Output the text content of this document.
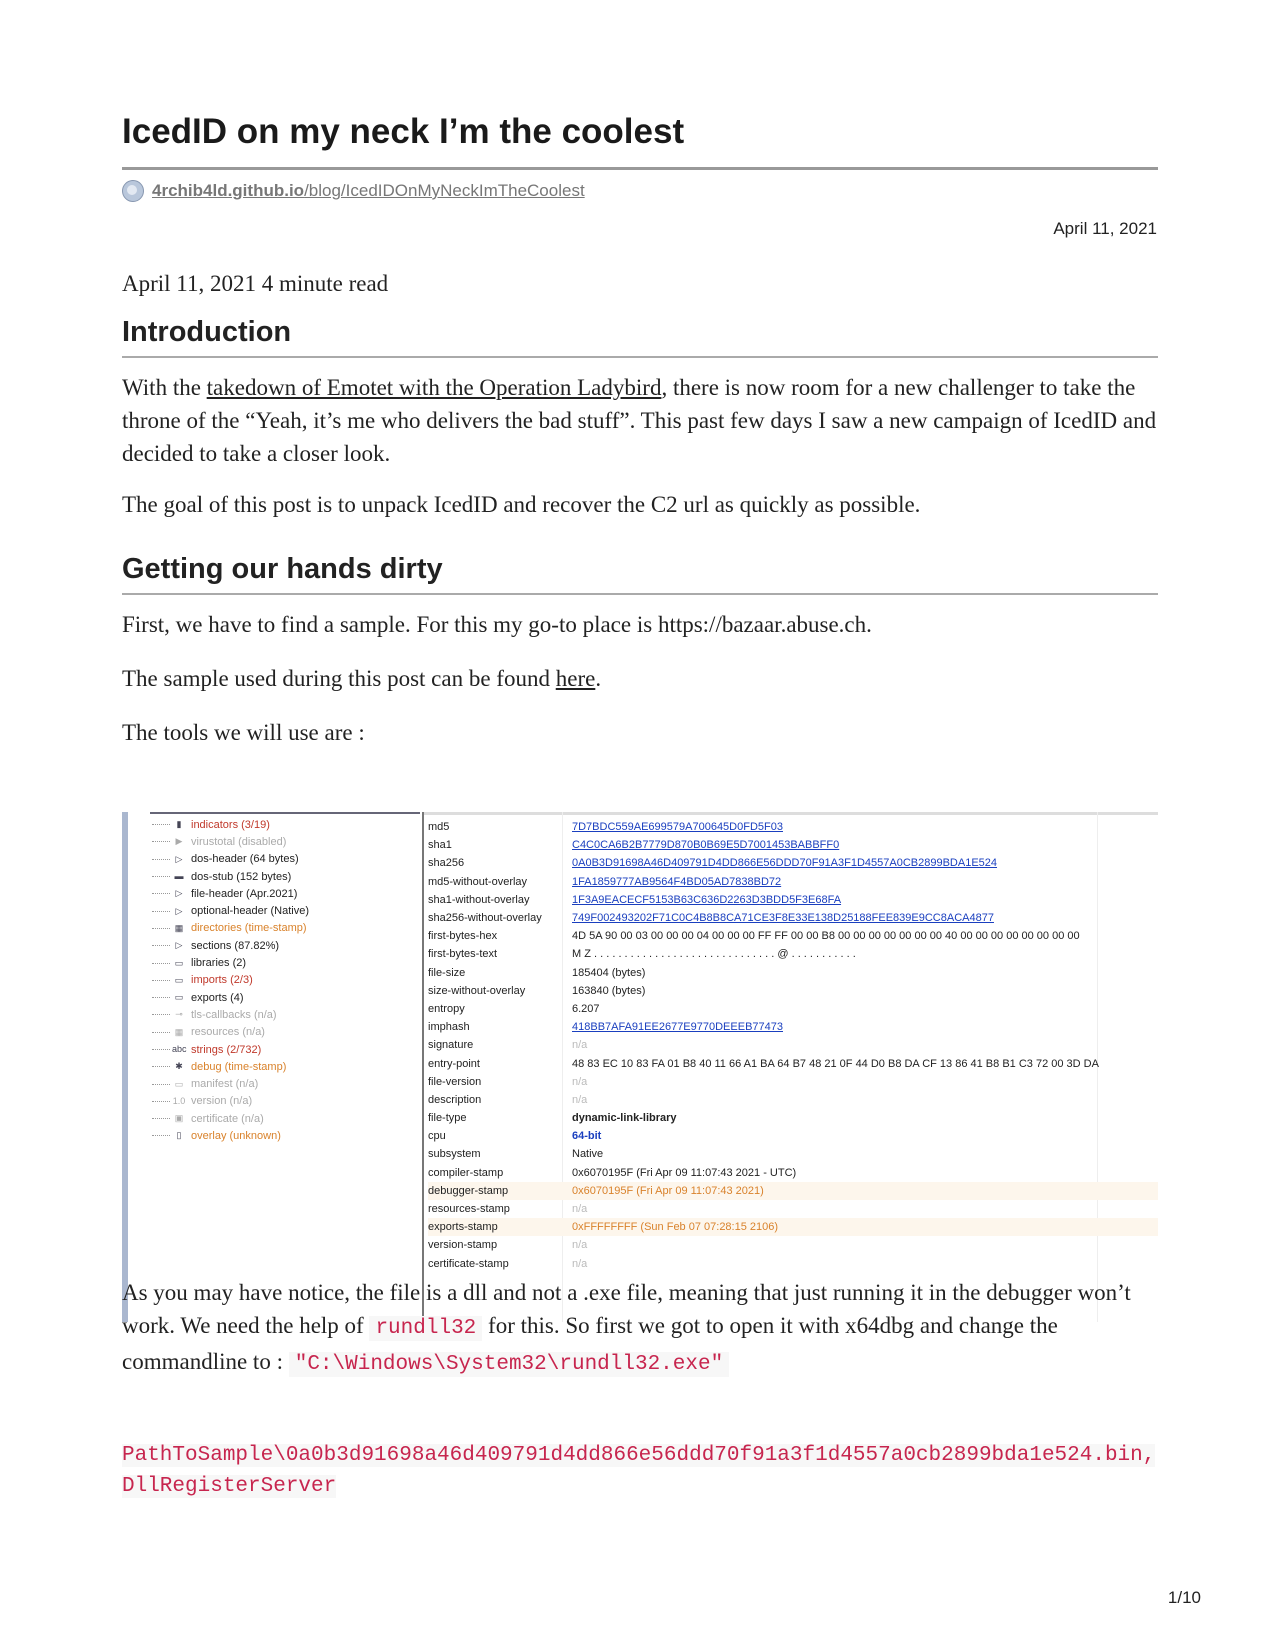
IcedID on my neck I’m the coolest
4rchib4ld.github.io/blog/IcedIDOnMyNeckImTheCoolest
April 11, 2021
April 11, 2021 4 minute read
Introduction
With the takedown of Emotet with the Operation Ladybird, there is now room for a new challenger to take the throne of the “Yeah, it’s me who delivers the bad stuff”. This past few days I saw a new campaign of IcedID and decided to take a closer look.
The goal of this post is to unpack IcedID and recover the C2 url as quickly as possible.
Getting our hands dirty
First, we have to find a sample. For this my go-to place is https://bazaar.abuse.ch.
The sample used during this post can be found here.
The tools we will use are :
▮ indicators (3/19)
▶ virustotal (disabled)
▷ dos-header (64 bytes)
▬ dos-stub (152 bytes)
▷ file-header (Apr.2021)
▷ optional-header (Native)
▦ directories (time-stamp)
▷ sections (87.82%)
▭ libraries (2)
▭ imports (2/3)
▭ exports (4)
⊸ tls-callbacks (n/a)
▦ resources (n/a)
abc strings (2/732)
✱ debug (time-stamp)
▭ manifest (n/a)
1.0 version (n/a)
▣ certificate (n/a)
▯ overlay (unknown)
md5	7D7BDC559AE699579A700645D0FD5F03
sha1	C4C0CA6B2B7779D870B0B69E5D7001453BABBFF0
sha256	0A0B3D91698A46D409791D4DD866E56DDD70F91A3F1D4557A0CB2899BDA1E524
md5-without-overlay	1FA1859777AB9564F4BD05AD7838BD72
sha1-without-overlay	1F3A9EACECF5153B63C636D2263D3BDD5F3E68FA
sha256-without-overlay	749F002493202F71C0C4B8B8CA71CE3F8E33E138D25188FEE839E9CC8ACA4877
first-bytes-hex	4D 5A 90 00 03 00 00 00 04 00 00 00 FF FF 00 00 B8 00 00 00 00 00 00 00 40 00 00 00 00 00 00 00 00
first-bytes-text	M Z . . . . . . . . . . . . . . . . . . . . . . . . . . . . . . @ . . . . . . . . . . .
file-size	185404 (bytes)
size-without-overlay	163840 (bytes)
entropy	6.207
imphash	418BB7AFA91EE2677E9770DEEEB77473
signature	n/a
entry-point	48 83 EC 10 83 FA 01 B8 40 11 66 A1 BA 64 B7 48 21 0F 44 D0 B8 DA CF 13 86 41 B8 B1 C3 72 00 3D DA
file-version	n/a
description	n/a
file-type	dynamic-link-library
cpu	64-bit
subsystem	Native
compiler-stamp	0x6070195F (Fri Apr 09 11:07:43 2021 - UTC)
debugger-stamp	0x6070195F (Fri Apr 09 11:07:43 2021)
resources-stamp	n/a
exports-stamp	0xFFFFFFFF (Sun Feb 07 07:28:15 2106)
version-stamp	n/a
certificate-stamp	n/a
As you may have notice, the file is a dll and not a .exe file, meaning that just running it in the debugger won’t work. We need the help of rundll32 for this. So first we got to open it with x64dbg and change the commandline to : "C:\Windows\System32\rundll32.exe"
PathToSample\0a0b3d91698a46d409791d4dd866e56ddd70f91a3f1d4557a0cb2899bda1e524.bin,
DllRegisterServer
1/10
